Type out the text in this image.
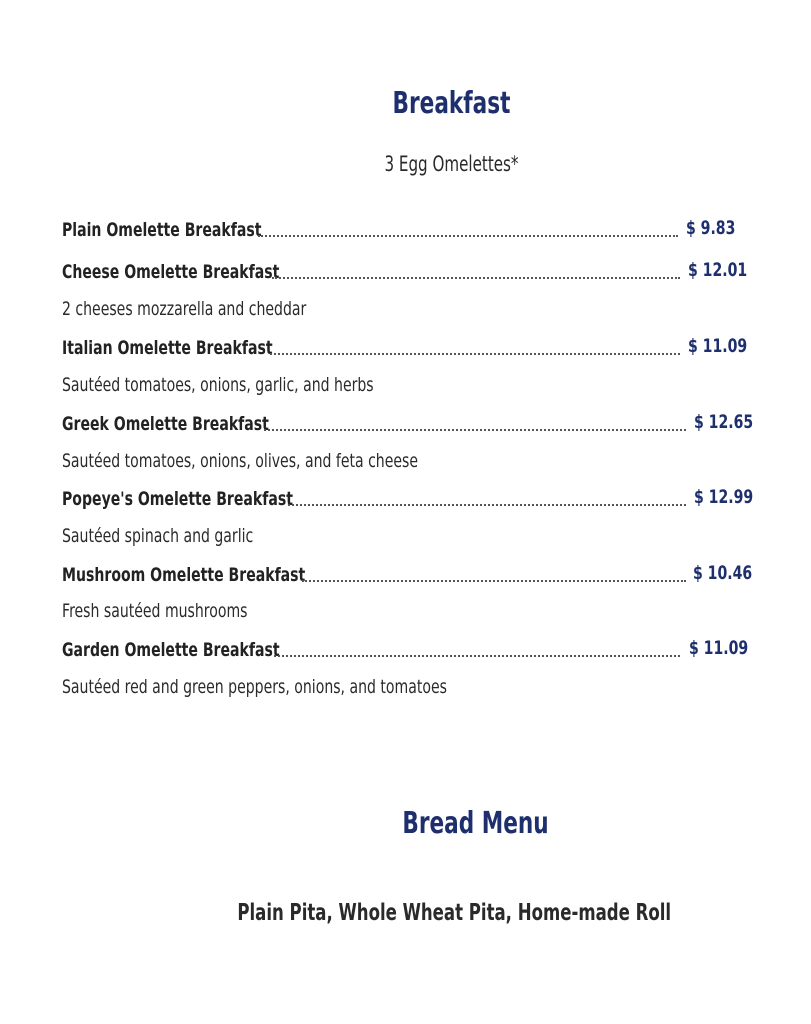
Breakfast
3 Egg Omelettes*
Plain Omelette Breakfast	$ 9.83
Cheese Omelette Breakfast	$ 12.01
2 cheeses mozzarella and cheddar
Italian Omelette Breakfast	$ 11.09
Sautéed tomatoes, onions, garlic, and herbs
Greek Omelette Breakfast	$ 12.65
Sautéed tomatoes, onions, olives, and feta cheese
Popeye's Omelette Breakfast	$ 12.99
Sautéed spinach and garlic
Mushroom Omelette Breakfast	$ 10.46
Fresh sautéed mushrooms
Garden Omelette Breakfast	$ 11.09
Sautéed red and green peppers, onions, and tomatoes
Bread Menu
Plain Pita, Whole Wheat Pita, Home-made Roll
